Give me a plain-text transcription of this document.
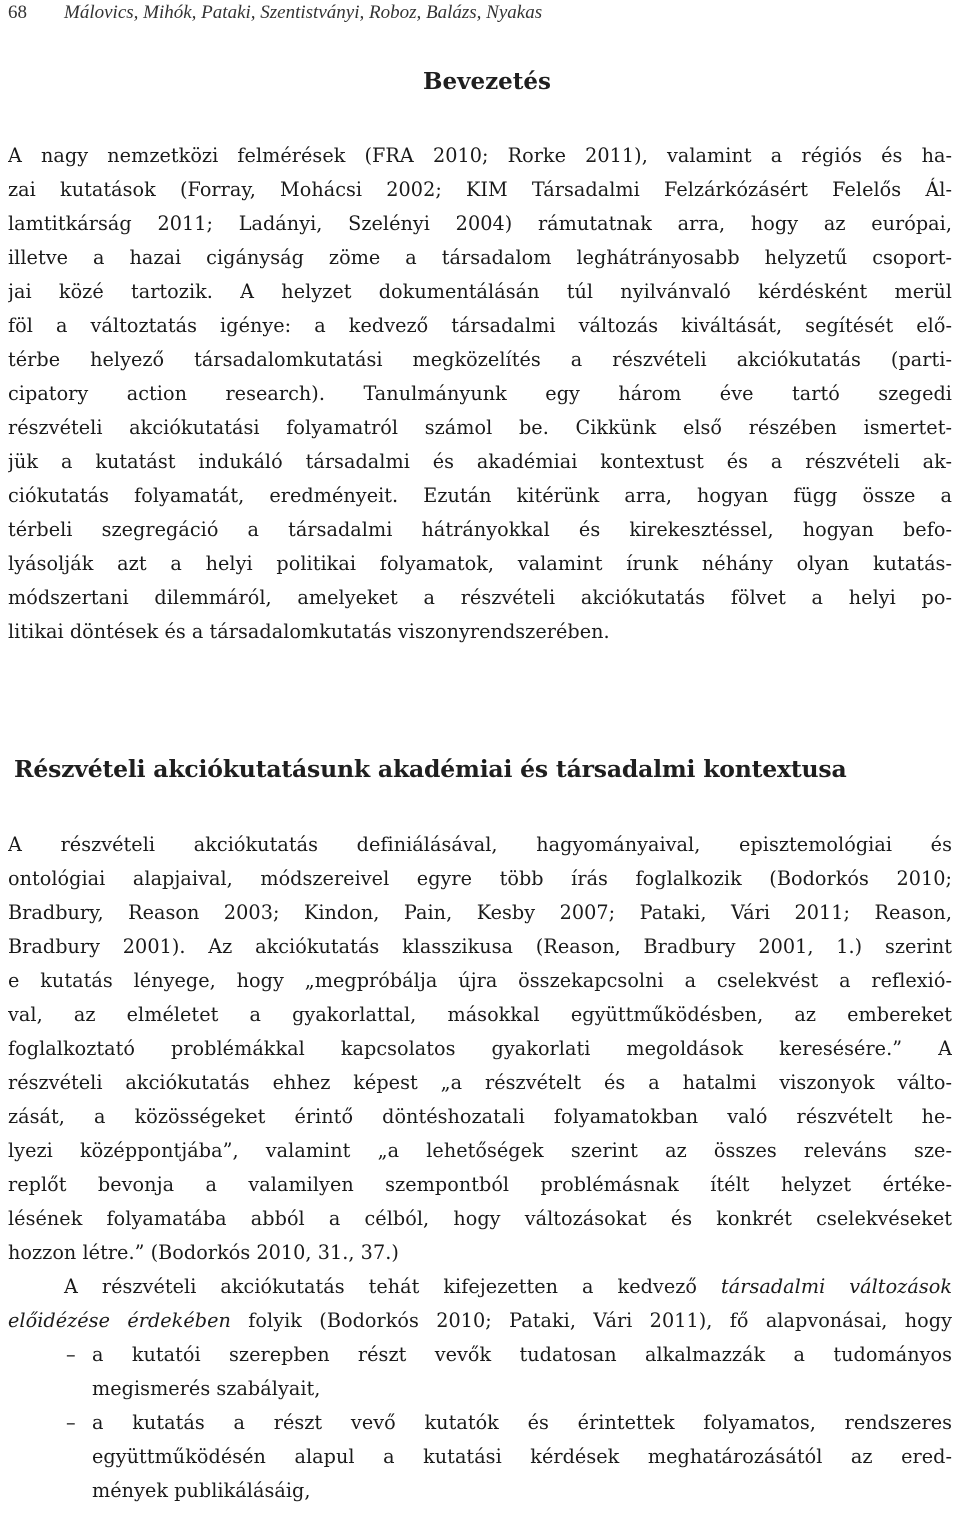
68 Málovics, Mihók, Pataki, Szentistványi, Roboz, Balázs, Nyakas
Bevezetés
A nagy nemzetközi felmérések (FRA 2010; Rorke 2011), valamint a régiós és ha-
zai kutatások (Forray, Mohácsi 2002; KIM Társadalmi Felzárkózásért Felelős Ál-
lamtitkárság 2011; Ladányi, Szelényi 2004) rámutatnak arra, hogy az európai,
illetve a hazai cigányság zöme a társadalom leghátrányosabb helyzetű csoport-
jai közé tartozik. A helyzet dokumentálásán túl nyilvánvaló kérdésként merül
föl a változtatás igénye: a kedvező társadalmi változás kiváltását, segítését elő-
térbe helyező társadalomkutatási megközelítés a részvételi akciókutatás (parti-
cipatory action research). Tanulmányunk egy három éve tartó szegedi
részvételi akciókutatási folyamatról számol be. Cikkünk első részében ismertet-
jük a kutatást indukáló társadalmi és akadémiai kontextust és a részvételi ak-
ciókutatás folyamatát, eredményeit. Ezután kitérünk arra, hogyan függ össze a
térbeli szegregáció a társadalmi hátrányokkal és kirekesztéssel, hogyan befo-
lyásolják azt a helyi politikai folyamatok, valamint írunk néhány olyan kutatás-
módszertani dilemmáról, amelyeket a részvételi akciókutatás fölvet a helyi po-
litikai döntések és a társadalomkutatás viszonyrendszerében.
Részvételi akciókutatásunk akadémiai és társadalmi kontextusa
A részvételi akciókutatás definiálásával, hagyományaival, episztemológiai és
ontológiai alapjaival, módszereivel egyre több írás foglalkozik (Bodorkós 2010;
Bradbury, Reason 2003; Kindon, Pain, Kesby 2007; Pataki, Vári 2011; Reason,
Bradbury 2001). Az akciókutatás klasszikusa (Reason, Bradbury 2001, 1.) szerint
e kutatás lényege, hogy „megpróbálja újra összekapcsolni a cselekvést a reflexió-
val, az elméletet a gyakorlattal, másokkal együttműködésben, az embereket
foglalkoztató problémákkal kapcsolatos gyakorlati megoldások keresésére.” A
részvételi akciókutatás ehhez képest „a részvételt és a hatalmi viszonyok válto-
zását, a közösségeket érintő döntéshozatali folyamatokban való részvételt he-
lyezi középpontjába”, valamint „a lehetőségek szerint az összes releváns sze-
replőt bevonja a valamilyen szempontból problémásnak ítélt helyzet értéke-
lésének folyamatába abból a célból, hogy változásokat és konkrét cselekvéseket
hozzon létre.” (Bodorkós 2010, 31., 37.)
A részvételi akciókutatás tehát kifejezetten a kedvező társadalmi változások
előidézése érdekében folyik (Bodorkós 2010; Pataki, Vári 2011), fő alapvonásai, hogy
– a kutatói szerepben részt vevők tudatosan alkalmazzák a tudományos
megismerés szabályait,
– a kutatás a részt vevő kutatók és érintettek folyamatos, rendszeres
együttműködésén alapul a kutatási kérdések meghatározásától az ered-
mények publikálásáig,
